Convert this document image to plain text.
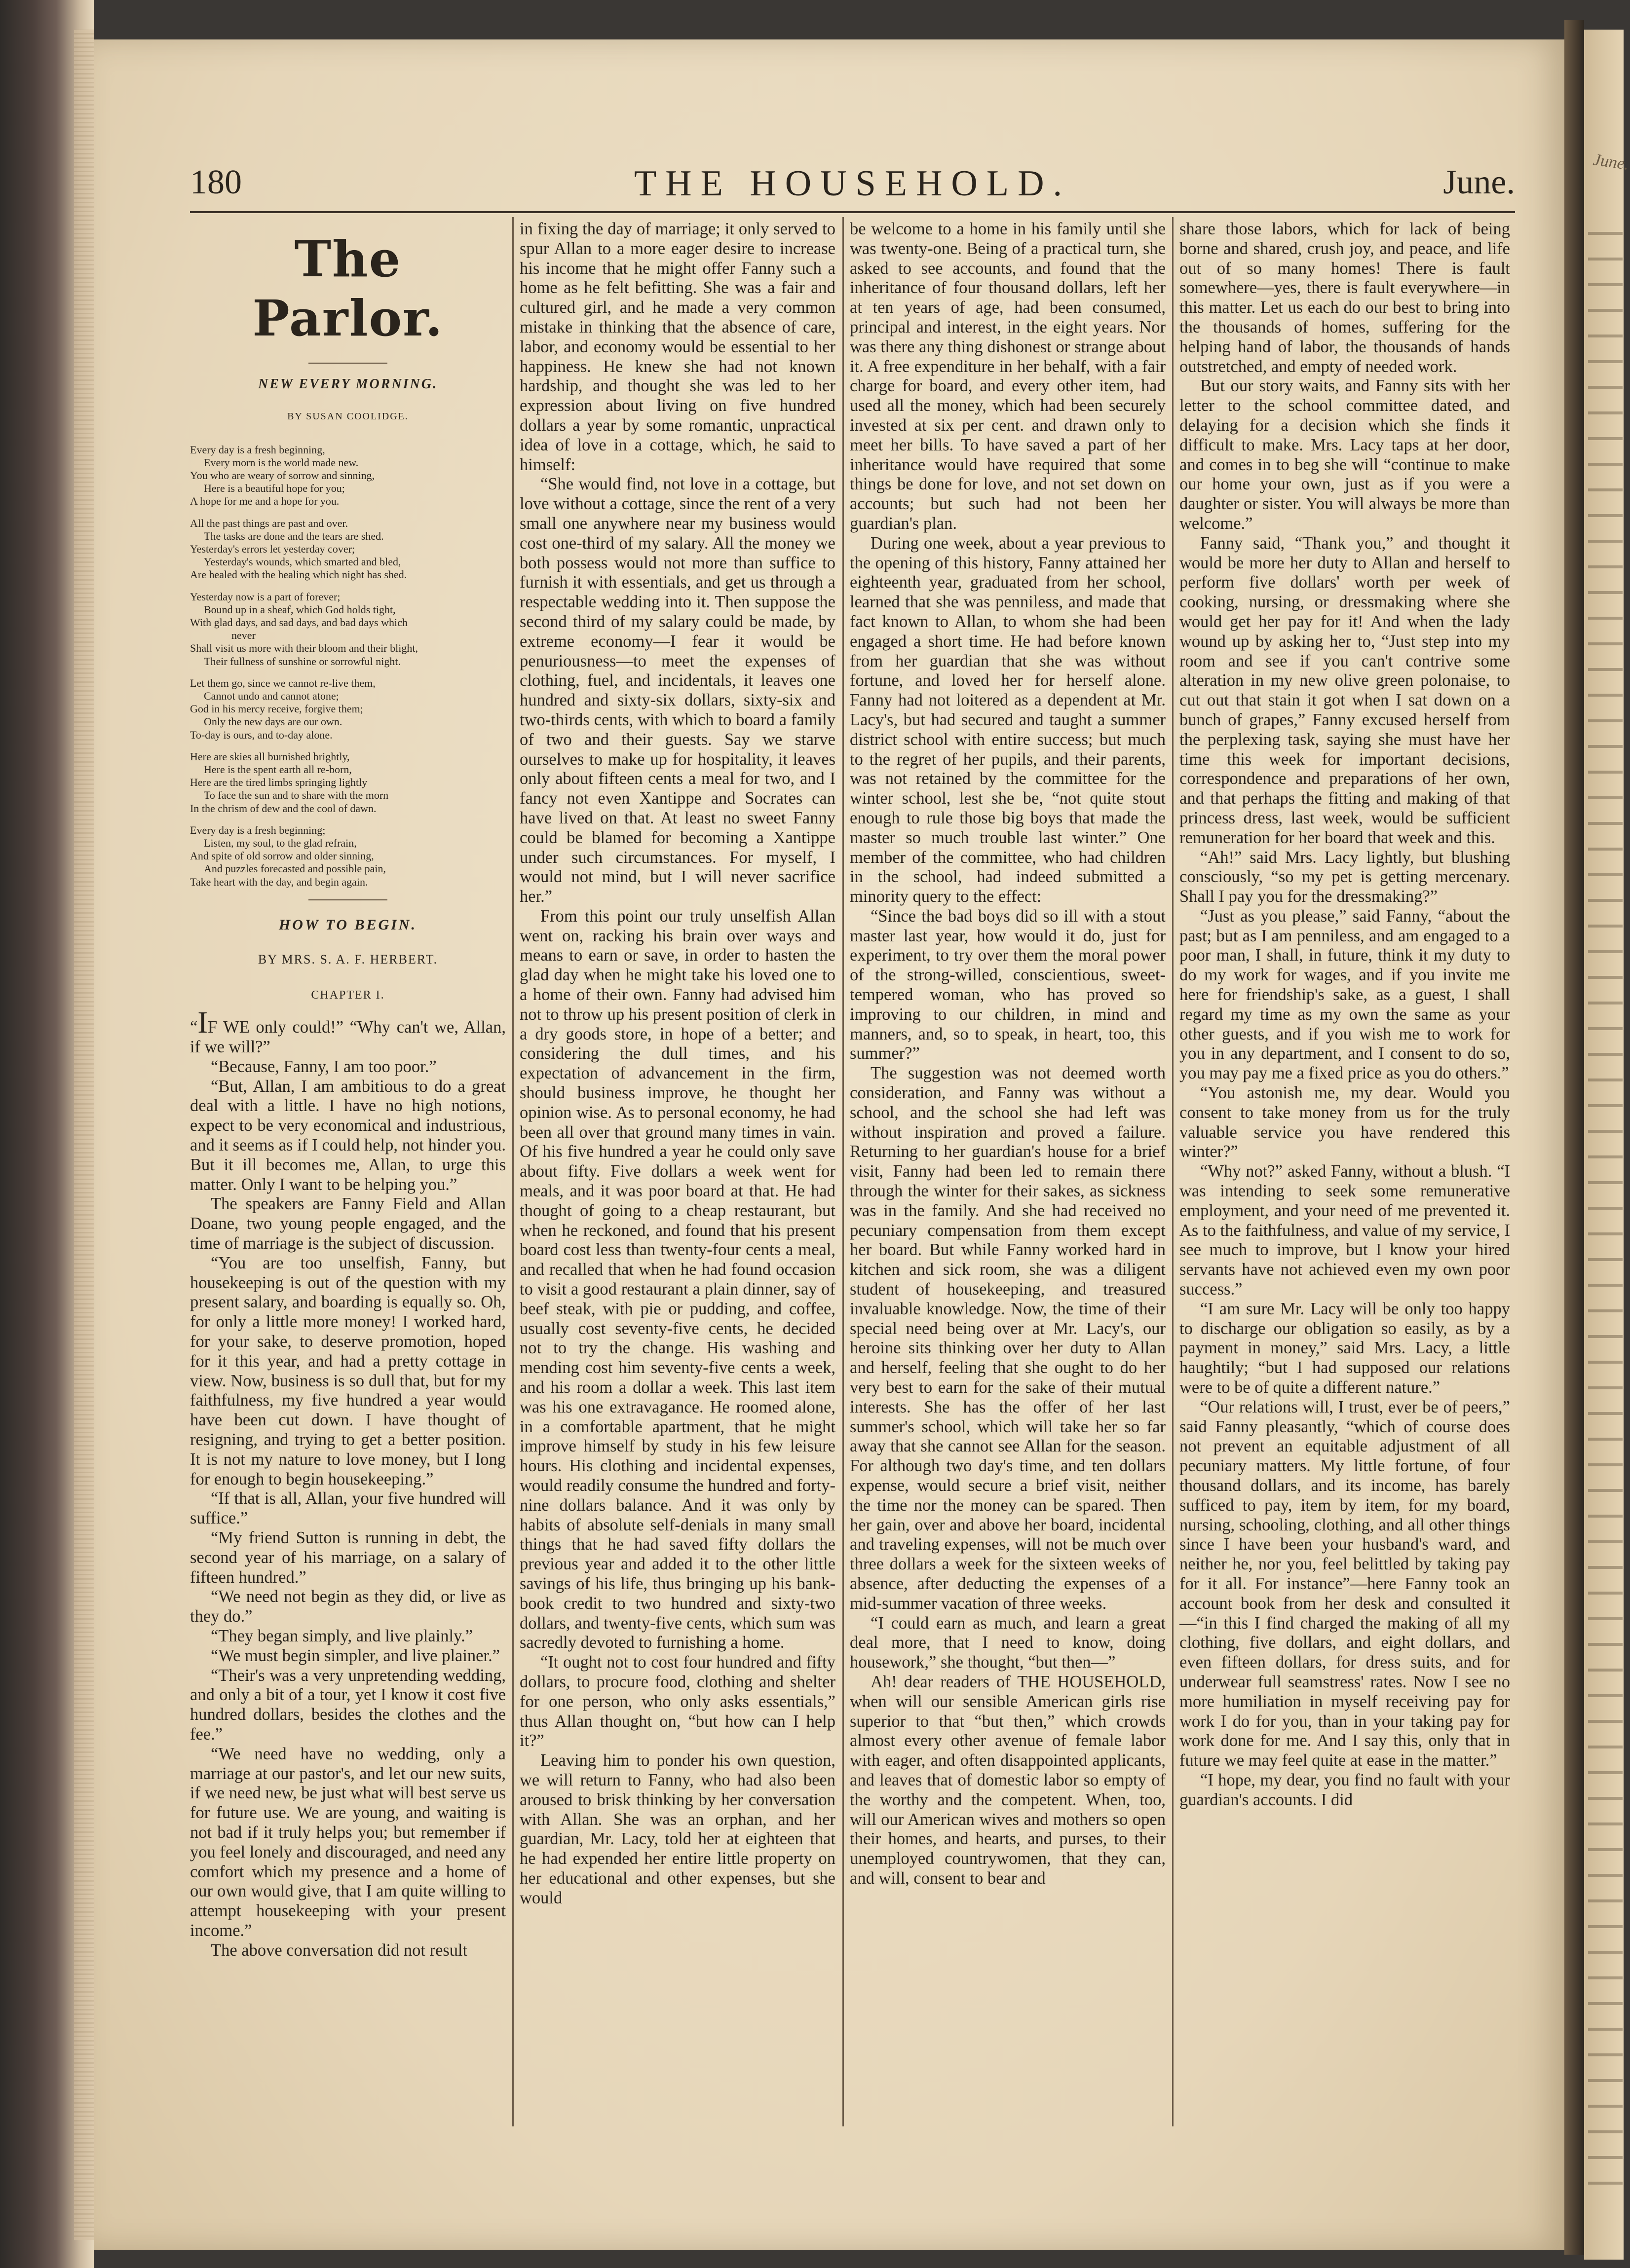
June.
180	THE HOUSEHOLD.	June.
The Parlor.
NEW EVERY MORNING.
BY SUSAN COOLIDGE.
Every day is a fresh beginning,
Every morn is the world made new.
You who are weary of sorrow and sinning,
Here is a beautiful hope for you;
A hope for me and a hope for you.
All the past things are past and over.
The tasks are done and the tears are shed.
Yesterday's errors let yesterday cover;
Yesterday's wounds, which smarted and bled,
Are healed with the healing which night has shed.
Yesterday now is a part of forever;
Bound up in a sheaf, which God holds tight,
With glad days, and sad days, and bad days which
never
Shall visit us more with their bloom and their blight,
Their fullness of sunshine or sorrowful night.
Let them go, since we cannot re-live them,
Cannot undo and cannot atone;
God in his mercy receive, forgive them;
Only the new days are our own.
To-day is ours, and to-day alone.
Here are skies all burnished brightly,
Here is the spent earth all re-born,
Here are the tired limbs springing lightly
To face the sun and to share with the morn
In the chrism of dew and the cool of dawn.
Every day is a fresh beginning;
Listen, my soul, to the glad refrain,
And spite of old sorrow and older sinning,
And puzzles forecasted and possible pain,
Take heart with the day, and begin again.
HOW TO BEGIN.
BY MRS. S. A. F. HERBERT.
CHAPTER I.

“IF WE only could!” “Why can't we, Allan, if we will?”

“Because, Fanny, I am too poor.”

“But, Allan, I am ambitious to do a great deal with a little. I have no high notions, expect to be very economical and industrious, and it seems as if I could help, not hinder you. But it ill becomes me, Allan, to urge this matter. Only I want to be helping you.”

The speakers are Fanny Field and Allan Doane, two young people engaged, and the time of marriage is the subject of discussion.

“You are too unselfish, Fanny, but housekeeping is out of the question with my present salary, and boarding is equally so. Oh, for only a little more money! I worked hard, for your sake, to deserve promotion, hoped for it this year, and had a pretty cottage in view. Now, business is so dull that, but for my faithfulness, my five hundred a year would have been cut down. I have thought of resigning, and trying to get a better position. It is not my nature to love money, but I long for enough to begin housekeeping.”

“If that is all, Allan, your five hundred will suffice.”

“My friend Sutton is running in debt, the second year of his marriage, on a salary of fifteen hundred.”

“We need not begin as they did, or live as they do.”

“They began simply, and live plainly.”

“We must begin simpler, and live plainer.”

“Their's was a very unpretending wedding, and only a bit of a tour, yet I know it cost five hundred dollars, besides the clothes and the fee.”

“We need have no wedding, only a marriage at our pastor's, and let our new suits, if we need new, be just what will best serve us for future use. We are young, and waiting is not bad if it truly helps you; but remember if you feel lonely and discouraged, and need any comfort which my presence and a home of our own would give, that I am quite willing to attempt housekeeping with your present income.”

The above conversation did not result

in fixing the day of marriage; it only served to spur Allan to a more eager desire to increase his income that he might offer Fanny such a home as he felt befitting. She was a fair and cultured girl, and he made a very common mistake in thinking that the absence of care, labor, and economy would be essential to her happiness. He knew she had not known hardship, and thought she was led to her expression about living on five hundred dollars a year by some romantic, unpractical idea of love in a cottage, which, he said to himself:

“She would find, not love in a cottage, but love without a cottage, since the rent of a very small one anywhere near my business would cost one-third of my salary. All the money we both possess would not more than suffice to furnish it with essentials, and get us through a respectable wedding into it. Then suppose the second third of my salary could be made, by extreme economy—I fear it would be penuriousness—to meet the expenses of clothing, fuel, and incidentals, it leaves one hundred and sixty-six dollars, sixty-six and two-thirds cents, with which to board a family of two and their guests. Say we starve ourselves to make up for hospitality, it leaves only about fifteen cents a meal for two, and I fancy not even Xantippe and Socrates can have lived on that. At least no sweet Fanny could be blamed for becoming a Xantippe under such circumstances. For myself, I would not mind, but I will never sacrifice her.”

From this point our truly unselfish Allan went on, racking his brain over ways and means to earn or save, in order to hasten the glad day when he might take his loved one to a home of their own. Fanny had advised him not to throw up his present position of clerk in a dry goods store, in hope of a better; and considering the dull times, and his expectation of advancement in the firm, should business improve, he thought her opinion wise. As to personal economy, he had been all over that ground many times in vain. Of his five hundred a year he could only save about fifty. Five dollars a week went for meals, and it was poor board at that. He had thought of going to a cheap restaurant, but when he reckoned, and found that his present board cost less than twenty-four cents a meal, and recalled that when he had found occasion to visit a good restaurant a plain dinner, say of beef steak, with pie or pudding, and coffee, usually cost seventy-five cents, he decided not to try the change. His washing and mending cost him seventy-five cents a week, and his room a dollar a week. This last item was his one extravagance. He roomed alone, in a comfortable apartment, that he might improve himself by study in his few leisure hours. His clothing and incidental expenses, would readily consume the hundred and forty-nine dollars balance. And it was only by habits of absolute self-denials in many small things that he had saved fifty dollars the previous year and added it to the other little savings of his life, thus bringing up his bank-book credit to two hundred and sixty-two dollars, and twenty-five cents, which sum was sacredly devoted to furnishing a home.

“It ought not to cost four hundred and fifty dollars, to procure food, clothing and shelter for one person, who only asks essentials,” thus Allan thought on, “but how can I help it?”

Leaving him to ponder his own question, we will return to Fanny, who had also been aroused to brisk thinking by her conversation with Allan. She was an orphan, and her guardian, Mr. Lacy, told her at eighteen that he had expended her entire little property on her educational and other expenses, but she would

be welcome to a home in his family until she was twenty-one. Being of a practical turn, she asked to see accounts, and found that the inheritance of four thousand dollars, left her at ten years of age, had been consumed, principal and interest, in the eight years. Nor was there any thing dishonest or strange about it. A free expenditure in her behalf, with a fair charge for board, and every other item, had used all the money, which had been securely invested at six per cent. and drawn only to meet her bills. To have saved a part of her inheritance would have required that some things be done for love, and not set down on accounts; but such had not been her guardian's plan.

During one week, about a year previous to the opening of this history, Fanny attained her eighteenth year, graduated from her school, learned that she was penniless, and made that fact known to Allan, to whom she had been engaged a short time. He had before known from her guardian that she was without fortune, and loved her for herself alone. Fanny had not loitered as a dependent at Mr. Lacy's, but had secured and taught a summer district school with entire success; but much to the regret of her pupils, and their parents, was not retained by the committee for the winter school, lest she be, “not quite stout enough to rule those big boys that made the master so much trouble last winter.” One member of the committee, who had children in the school, had indeed submitted a minority query to the effect:

“Since the bad boys did so ill with a stout master last year, how would it do, just for experiment, to try over them the moral power of the strong-willed, conscientious, sweet-tempered woman, who has proved so improving to our children, in mind and manners, and, so to speak, in heart, too, this summer?”

The suggestion was not deemed worth consideration, and Fanny was without a school, and the school she had left was without inspiration and proved a failure. Returning to her guardian's house for a brief visit, Fanny had been led to remain there through the winter for their sakes, as sickness was in the family. And she had received no pecuniary compensation from them except her board. But while Fanny worked hard in kitchen and sick room, she was a diligent student of housekeeping, and treasured invaluable knowledge. Now, the time of their special need being over at Mr. Lacy's, our heroine sits thinking over her duty to Allan and herself, feeling that she ought to do her very best to earn for the sake of their mutual interests. She has the offer of her last summer's school, which will take her so far away that she cannot see Allan for the season. For although two day's time, and ten dollars expense, would secure a brief visit, neither the time nor the money can be spared. Then her gain, over and above her board, incidental and traveling expenses, will not be much over three dollars a week for the sixteen weeks of absence, after deducting the expenses of a mid-summer vacation of three weeks.

“I could earn as much, and learn a great deal more, that I need to know, doing housework,” she thought, “but then—”

Ah! dear readers of THE HOUSEHOLD, when will our sensible American girls rise superior to that “but then,” which crowds almost every other avenue of female labor with eager, and often disappointed applicants, and leaves that of domestic labor so empty of the worthy and the competent. When, too, will our American wives and mothers so open their homes, and hearts, and purses, to their unemployed countrywomen, that they can, and will, consent to bear and

share those labors, which for lack of being borne and shared, crush joy, and peace, and life out of so many homes! There is fault somewhere—yes, there is fault everywhere—in this matter. Let us each do our best to bring into the thousands of homes, suffering for the helping hand of labor, the thousands of hands outstretched, and empty of needed work.

But our story waits, and Fanny sits with her letter to the school committee dated, and delaying for a decision which she finds it difficult to make. Mrs. Lacy taps at her door, and comes in to beg she will “continue to make our home your own, just as if you were a daughter or sister. You will always be more than welcome.”

Fanny said, “Thank you,” and thought it would be more her duty to Allan and herself to perform five dollars' worth per week of cooking, nursing, or dressmaking where she would get her pay for it! And when the lady wound up by asking her to, “Just step into my room and see if you can't contrive some alteration in my new olive green polonaise, to cut out that stain it got when I sat down on a bunch of grapes,” Fanny excused herself from the perplexing task, saying she must have her time this week for important decisions, correspondence and preparations of her own, and that perhaps the fitting and making of that princess dress, last week, would be sufficient remuneration for her board that week and this.

“Ah!” said Mrs. Lacy lightly, but blushing consciously, “so my pet is getting mercenary. Shall I pay you for the dressmaking?”

“Just as you please,” said Fanny, “about the past; but as I am penniless, and am engaged to a poor man, I shall, in future, think it my duty to do my work for wages, and if you invite me here for friendship's sake, as a guest, I shall regard my time as my own the same as your other guests, and if you wish me to work for you in any department, and I consent to do so, you may pay me a fixed price as you do others.”

“You astonish me, my dear. Would you consent to take money from us for the truly valuable service you have rendered this winter?”

“Why not?” asked Fanny, without a blush. “I was intending to seek some remunerative employment, and your need of me prevented it. As to the faithfulness, and value of my service, I see much to improve, but I know your hired servants have not achieved even my own poor success.”

“I am sure Mr. Lacy will be only too happy to discharge our obligation so easily, as by a payment in money,” said Mrs. Lacy, a little haughtily; “but I had supposed our relations were to be of quite a different nature.”

“Our relations will, I trust, ever be of peers,” said Fanny pleasantly, “which of course does not prevent an equitable adjustment of all pecuniary matters. My little fortune, of four thousand dollars, and its income, has barely sufficed to pay, item by item, for my board, nursing, schooling, clothing, and all other things since I have been your husband's ward, and neither he, nor you, feel belittled by taking pay for it all. For instance”—here Fanny took an account book from her desk and consulted it—“in this I find charged the making of all my clothing, five dollars, and eight dollars, and even fifteen dollars, for dress suits, and for underwear full seamstress' rates. Now I see no more humiliation in myself receiving pay for work I do for you, than in your taking pay for work done for me. And I say this, only that in future we may feel quite at ease in the matter.”

“I hope, my dear, you find no fault with your guardian's accounts. I did
